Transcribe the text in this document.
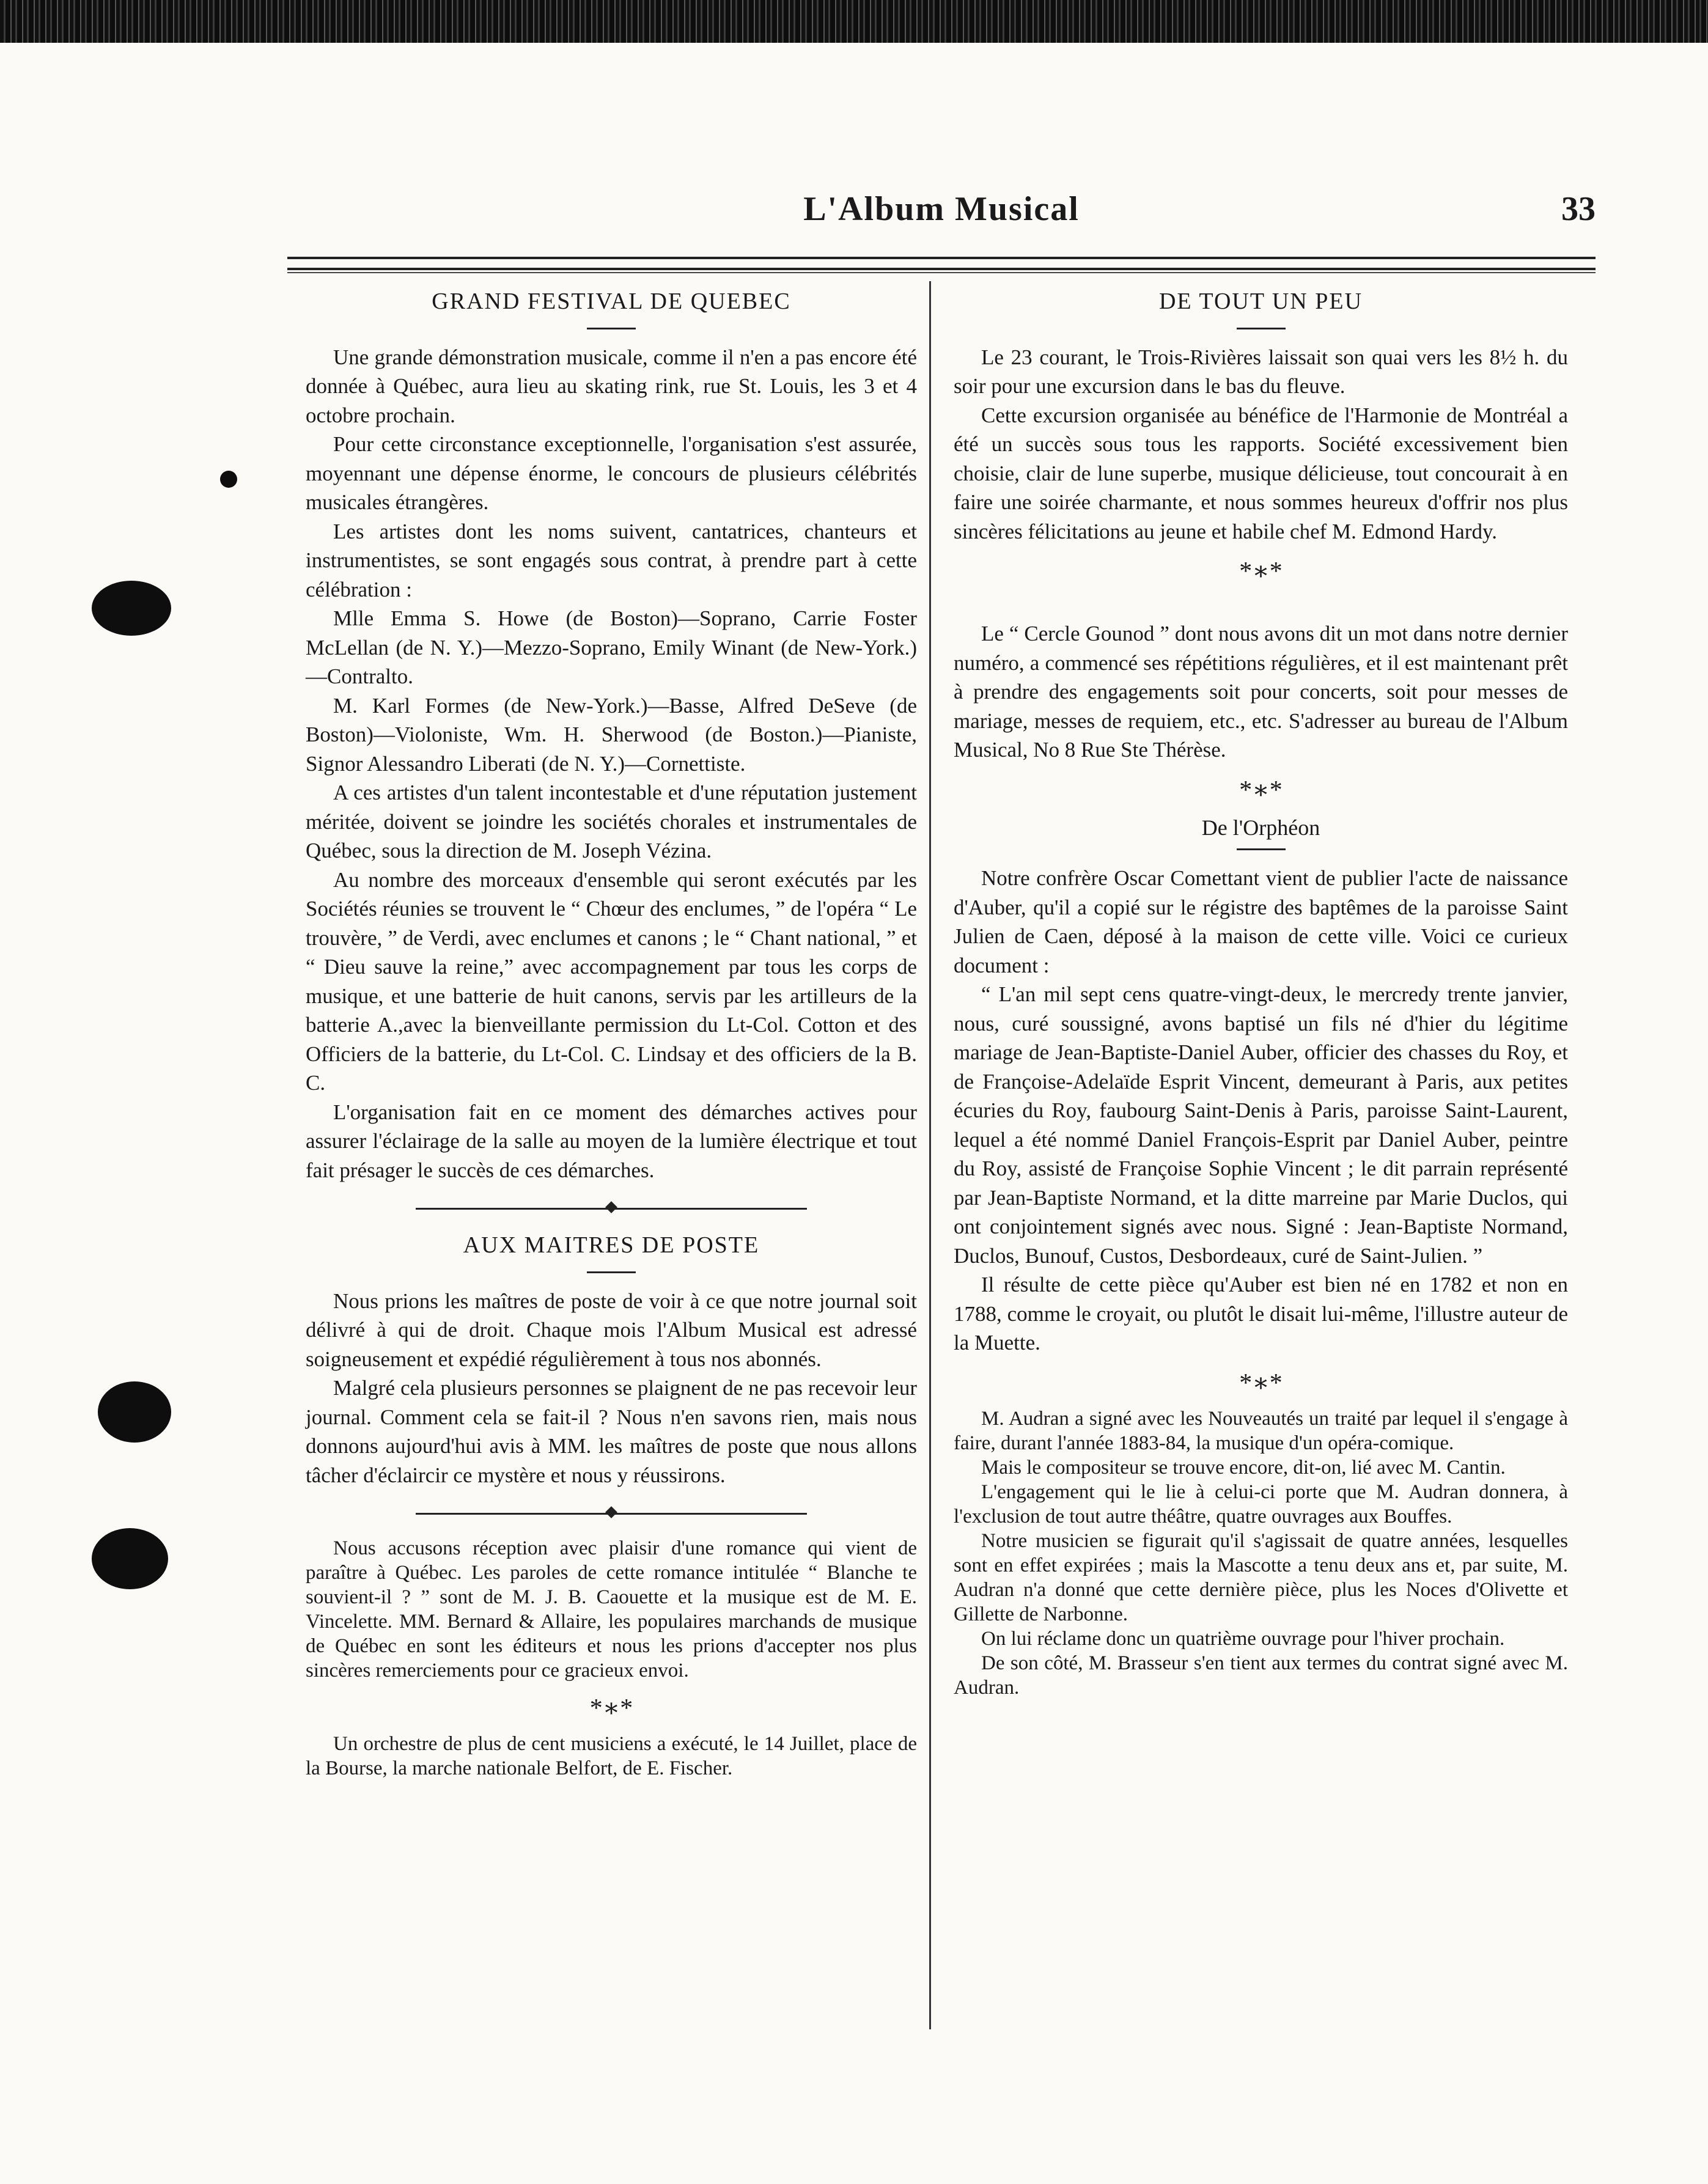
L'Album Musical	33
GRAND FESTIVAL DE QUEBEC

Une grande démonstration musicale, comme il n'en a pas encore été donnée à Québec, aura lieu au skating rink, rue St. Louis, les 3 et 4 octobre prochain.

Pour cette circonstance exceptionnelle, l'organisation s'est assurée, moyennant une dépense énorme, le concours de plusieurs célébrités musicales étrangères.

Les artistes dont les noms suivent, cantatrices, chanteurs et instrumentistes, se sont engagés sous contrat, à prendre part à cette célébration :

Mlle Emma S. Howe (de Boston)—Soprano, Carrie Foster McLellan (de N. Y.)—Mezzo-Soprano, Emily Winant (de New-York.)—Contralto.

M. Karl Formes (de New-York.)—Basse, Alfred DeSeve (de Boston)—Violoniste, Wm. H. Sherwood (de Boston.)—Pianiste, Signor Alessandro Liberati (de N. Y.)—Cornettiste.

A ces artistes d'un talent incontestable et d'une réputation justement méritée, doivent se joindre les sociétés chorales et instrumentales de Québec, sous la direction de M. Joseph Vézina.

Au nombre des morceaux d'ensemble qui seront exécutés par les Sociétés réunies se trouvent le “ Chœur des enclumes, ” de l'opéra “ Le trouvère, ” de Verdi, avec enclumes et canons ; le “ Chant national, ” et “ Dieu sauve la reine,” avec accompagnement par tous les corps de musique, et une batterie de huit canons, servis par les artilleurs de la batterie A.,avec la bienveillante permission du Lt-Col. Cotton et des Officiers de la batterie, du Lt-Col. C. Lindsay et des officiers de la B. C.

L'organisation fait en ce moment des démarches actives pour assurer l'éclairage de la salle au moyen de la lumière électrique et tout fait présager le succès de ces démarches.

AUX MAITRES DE POSTE

Nous prions les maîtres de poste de voir à ce que notre journal soit délivré à qui de droit. Chaque mois l'Album Musical est adressé soigneusement et expédié régulièrement à tous nos abonnés.

Malgré cela plusieurs personnes se plaignent de ne pas recevoir leur journal. Comment cela se fait-il ? Nous n'en savons rien, mais nous donnons aujourd'hui avis à MM. les maîtres de poste que nous allons tâcher d'éclaircir ce mystère et nous y réussirons.

Nous accusons réception avec plaisir d'une romance qui vient de paraître à Québec. Les paroles de cette romance intitulée “ Blanche te souvient-il ? ” sont de M. J. B. Caouette et la musique est de M. E. Vincelette. MM. Bernard & Allaire, les populaires marchands de musique de Québec en sont les éditeurs et nous les prions d'accepter nos plus sincères remerciements pour ce gracieux envoi.

*∗*

Un orchestre de plus de cent musiciens a exécuté, le 14 Juillet, place de la Bourse, la marche nationale Belfort, de E. Fischer.

DE TOUT UN PEU

Le 23 courant, le Trois-Rivières laissait son quai vers les 8½ h. du soir pour une excursion dans le bas du fleuve.

Cette excursion organisée au bénéfice de l'Harmonie de Montréal a été un succès sous tous les rapports. Société excessivement bien choisie, clair de lune superbe, musique délicieuse, tout concourait à en faire une soirée charmante, et nous sommes heureux d'offrir nos plus sincères félicitations au jeune et habile chef M. Edmond Hardy.

*∗*

Le “ Cercle Gounod ” dont nous avons dit un mot dans notre dernier numéro, a commencé ses répétitions régulières, et il est maintenant prêt à prendre des engagements soit pour concerts, soit pour messes de mariage, messes de requiem, etc., etc. S'adresser au bureau de l'Album Musical, No 8 Rue Ste Thérèse.

*∗*
De l'Orphéon

Notre confrère Oscar Comettant vient de publier l'acte de naissance d'Auber, qu'il a copié sur le régistre des baptêmes de la paroisse Saint Julien de Caen, déposé à la maison de cette ville. Voici ce curieux document :

“ L'an mil sept cens quatre-vingt-deux, le mercredy trente janvier, nous, curé soussigné, avons baptisé un fils né d'hier du légitime mariage de Jean-Baptiste-Daniel Auber, officier des chasses du Roy, et de Françoise-Adelaïde Esprit Vincent, demeurant à Paris, aux petites écuries du Roy, faubourg Saint-Denis à Paris, paroisse Saint-Laurent, lequel a été nommé Daniel François-Esprit par Daniel Auber, peintre du Roy, assisté de Françoise Sophie Vincent ; le dit parrain représenté par Jean-Baptiste Normand, et la ditte marreine par Marie Duclos, qui ont conjointement signés avec nous. Signé : Jean-Baptiste Normand, Duclos, Bunouf, Custos, Desbordeaux, curé de Saint-Julien. ”

Il résulte de cette pièce qu'Auber est bien né en 1782 et non en 1788, comme le croyait, ou plutôt le disait lui-même, l'illustre auteur de la Muette.

*∗*

M. Audran a signé avec les Nouveautés un traité par lequel il s'engage à faire, durant l'année 1883-84, la musique d'un opéra-comique.

Mais le compositeur se trouve encore, dit-on, lié avec M. Cantin.

L'engagement qui le lie à celui-ci porte que M. Audran donnera, à l'exclusion de tout autre théâtre, quatre ouvrages aux Bouffes.

Notre musicien se figurait qu'il s'agissait de quatre années, lesquelles sont en effet expirées ; mais la Mascotte a tenu deux ans et, par suite, M. Audran n'a donné que cette dernière pièce, plus les Noces d'Olivette et Gillette de Narbonne.

On lui réclame donc un quatrième ouvrage pour l'hiver prochain.

De son côté, M. Brasseur s'en tient aux termes du contrat signé avec M. Audran.
